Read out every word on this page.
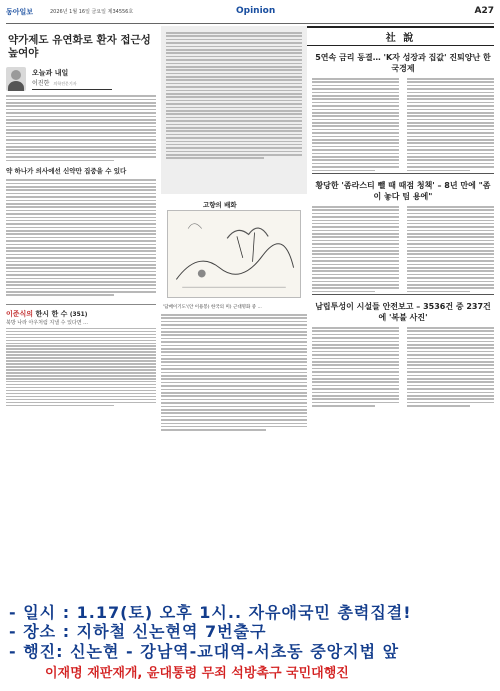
동아일보	2026년 1월 16일 금요일 제34556호	Opinion	A27
약가제도 유연화로 환자 접근성 높여야
오늘과 내일
이진한 의학전문기자
약 하나가 의사에선 신약만 집중을 수 있다
이준식의 한시 한 수 (351)
북방 나라 아우처럼 지낼 수 있다면 ...
고향의 배화
'담배이기도'(안 이용봉) 한국의 미) 근대명화 중 ...
社 說
5연속 금리 동결… 'K자 성장과 집값' 진퇴양난 한국경제
황당한 '좀라스티 뺄 때 때점 청책' – 8년 만에 "좀이 놓다 팀 용에"
남립투성이 시설들 안전보고 – 3536건 중 237건에 '복불 사진'
- 일시 : 1.17(토) 오후 1시.. 자유애국민 총력집결!
- 장소 : 지하철 신논현역 7번출구
- 행진: 신논현 - 강남역-교대역-서초동 중앙지법 앞
이재명 재판재개, 윤대통령 무죄 석방촉구 국민대행진
